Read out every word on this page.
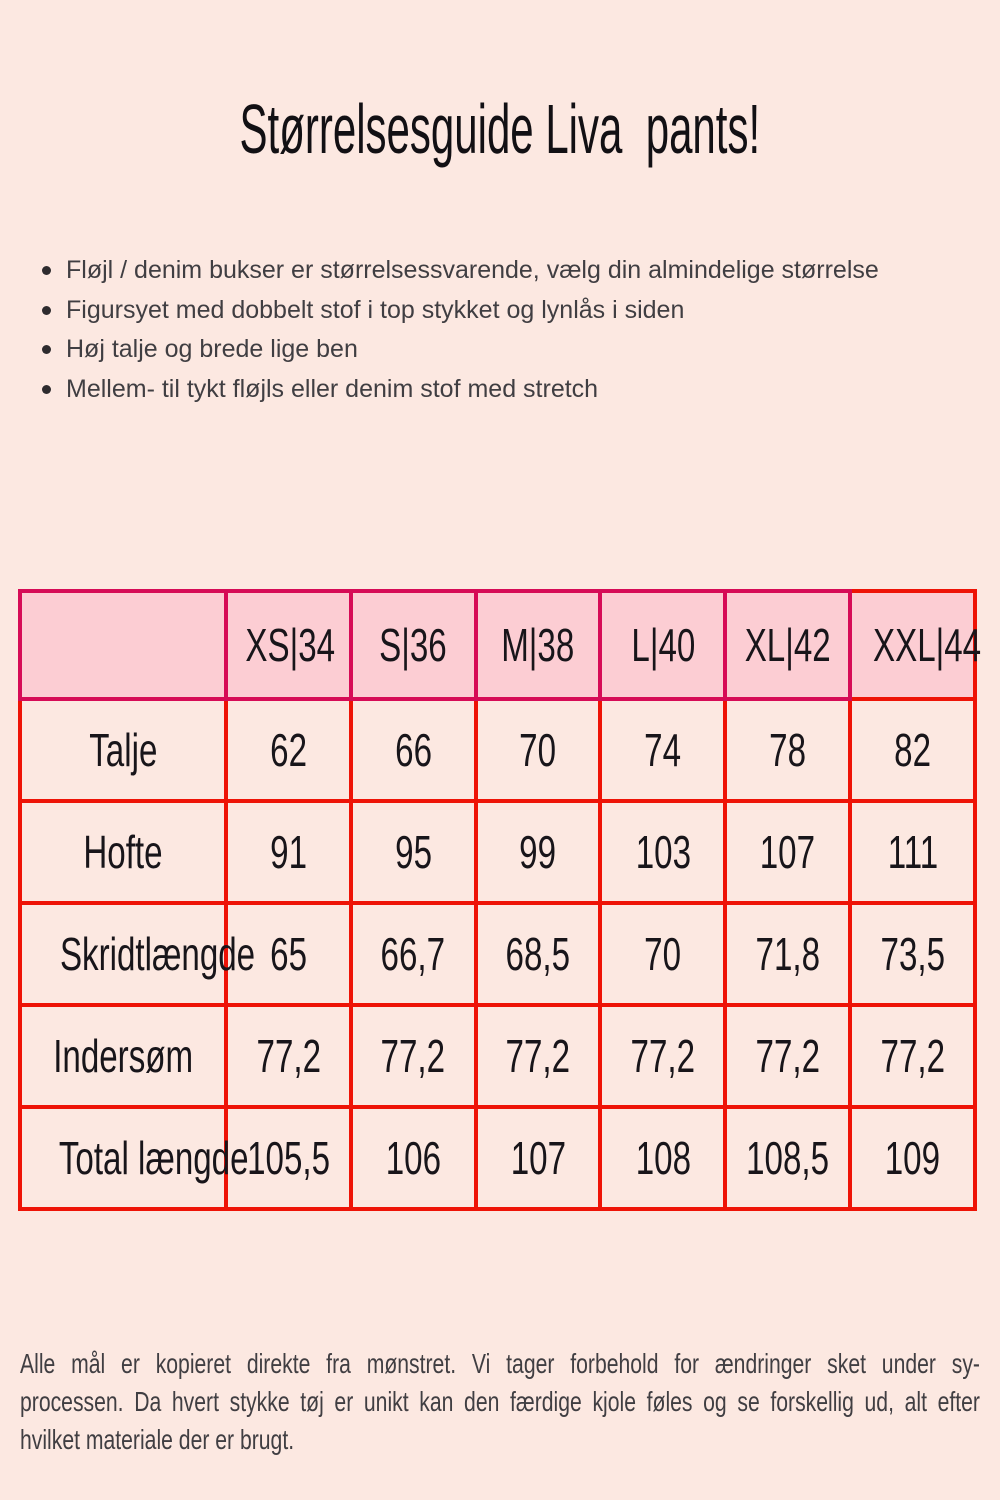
Størrelsesguide Liva  pants!
Fløjl / denim bukser er størrelsessvarende, vælg din almindelige størrelse
Figursyet med dobbelt stof i top stykket og lynlås i siden
Høj talje og brede lige ben
Mellem- til tykt fløjls eller denim stof med stretch
	XS|34	S|36	M|38	L|40	XL|42	XXL|44
Talje	62	66	70	74	78	82
Hofte	91	95	99	103	107	111
Skridtlængde	65	66,7	68,5	70	71,8	73,5
Indersøm	77,2	77,2	77,2	77,2	77,2	77,2
Total længde	105,5	106	107	108	108,5	109
Alle mål er kopieret direkte fra mønstret. Vi tager forbehold for ændringer sket under sy-
processen. Da hvert stykke tøj er unikt kan den færdige kjole føles og se forskellig ud, alt efter
hvilket materiale der er brugt.
